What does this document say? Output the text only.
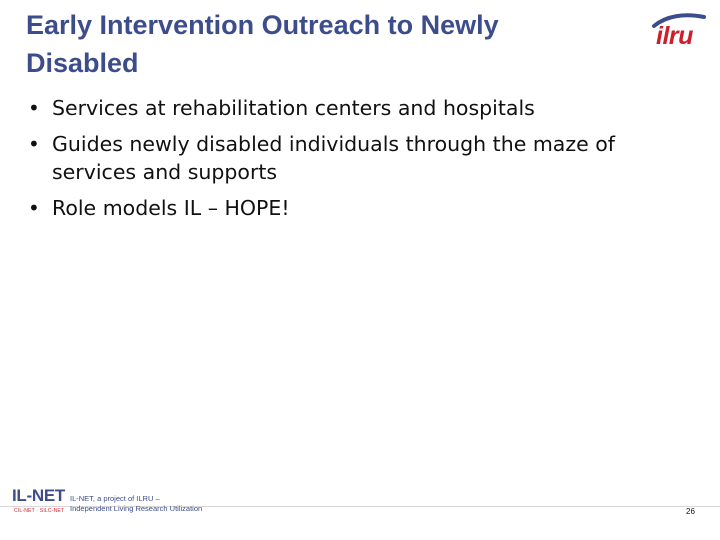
Early Intervention Outreach to Newly
Disabled
ilru
• Services at rehabilitation centers and hospitals
• Guides newly disabled individuals through the maze of services and supports
• Role models IL – HOPE!
IL-NET
CIL-NET · SILC-NET
IL-NET, a project of ILRU –
Independent Living Research Utilization	26
